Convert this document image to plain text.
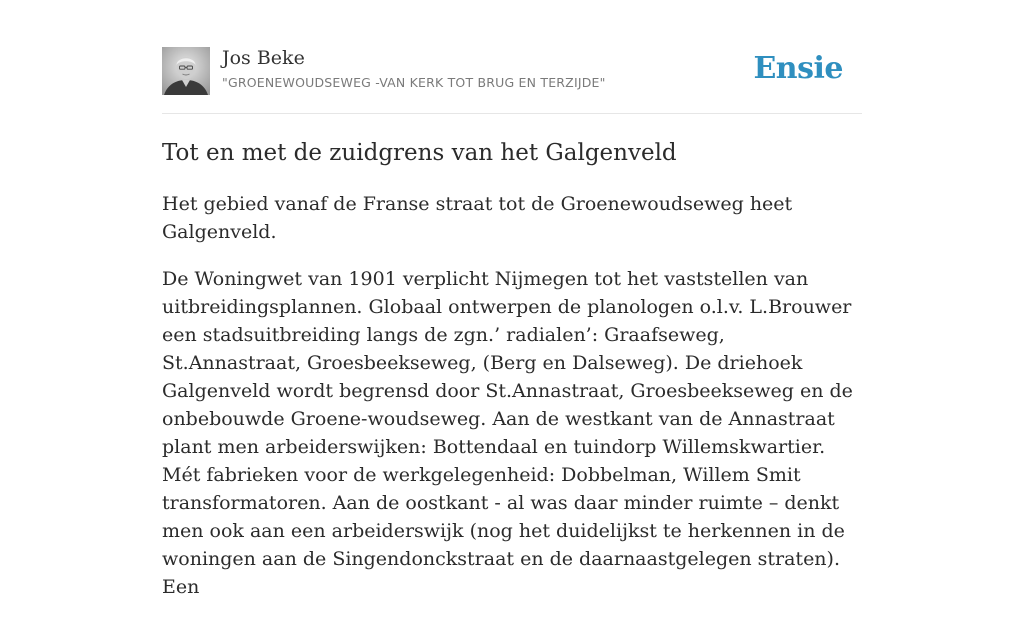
Jos Beke
"GROENEWOUDSEWEG -VAN KERK TOT BRUG EN TERZIJDE"	Ensie
Tot en met de zuidgrens van het Galgenveld

Het gebied vanaf de Franse straat tot de Groenewoudseweg heet Galgenveld.

De Woningwet van 1901 verplicht Nijmegen tot het vaststellen van uitbreidingsplannen. Globaal ontwerpen de planologen o.l.v. L.Brouwer een stadsuitbreiding langs de zgn.’ radialen’: Graafseweg, St.Annastraat, Groesbeekseweg, (Berg en Dalseweg). De driehoek Galgenveld wordt begrensd door St.Annastraat, Groesbeekseweg en de onbebouwde Groene-woudseweg. Aan de westkant van de Annastraat plant men arbeiderswijken: Bottendaal en tuindorp Willemskwartier. Mét fabrieken voor de werkgelegenheid: Dobbelman, Willem Smit transformatoren. Aan de oostkant - al was daar minder ruimte – denkt men ook aan een arbeiderswijk (nog het duidelijkst te herkennen in de woningen aan de Singendonckstraat en de daarnaastgelegen straten). Een
